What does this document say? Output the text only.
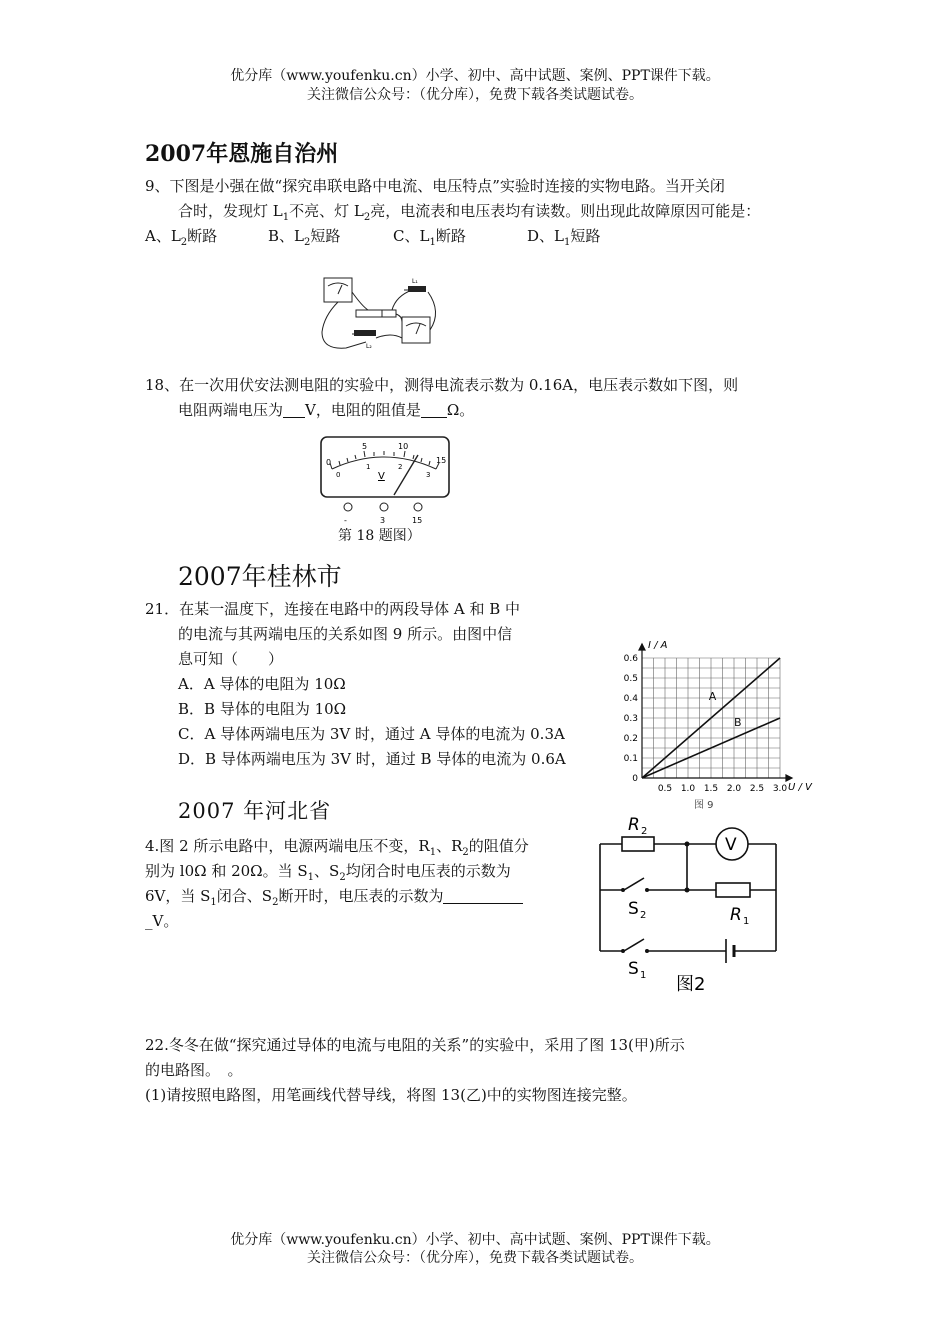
优分库（www.youfenku.cn）小学、初中、高中试题、案例、PPT课件下载。
关注微信公众号：（优分库），免费下载各类试题试卷。
2007年恩施自治州
9、下图是小强在做“探究串联电路中电流、电压特点”实验时连接的实物电路。当开关闭
合时，发现灯 $L_1$不亮、灯 $L_2$亮，电流表和电压表均有读数。则出现此故障原因可能是：
A、$L_2$断路	B、$L_2$短路	C、$L_1$断路	D、$L_1$短路
L₁
L₂
18、在一次用伏安法测电阻的实验中，测得电流表示数为 0.16A，电压表示数如下图，则
电阻两端电压为 V，电阻的阻值是 Ω。
0
5	10
15
0
1	2
3
V
-	3	15
第 18 题图）
2007年桂林市
21．在某一温度下，连接在电路中的两段导体 A 和 B 中
的电流与其两端电压的关系如图 9 所示。由图中信
息可知（　　）
A．A 导体的电阻为 10Ω
B．B 导体的电阻为 10Ω
C．A 导体两端电压为 3V 时，通过 A 导体的电流为 0.3A
D．B 导体两端电压为 3V 时，通过 B 导体的电流为 0.6A
0
0.1
0.2
0.3
0.4
0.5
0.6
0.5 1.0 1.5 2.0 2.5 3.0
A
B
I / A
U / V
图 9
2007 年河北省
4.图 2 所示电路中，电源两端电压不变，$R_1$、$R_2$的阻值分
别为 l0Ω 和 20Ω。当 $S_1$、$S_2$均闭合时电压表的示数为
6V，当 $S_1$闭合、$S_2$断开时，电压表的示数为
_V。
R 2
V
R 1
S 2
S 1 图2
22.冬冬在做“探究通过导体的电流与电阻的关系”的实验中，采用了图 13(甲)所示
的电路图。　。
(1)请按照电路图，用笔画线代替导线，将图 13(乙)中的实物图连接完整。
优分库（www.youfenku.cn）小学、初中、高中试题、案例、PPT课件下载。
关注微信公众号：（优分库），免费下载各类试题试卷。
